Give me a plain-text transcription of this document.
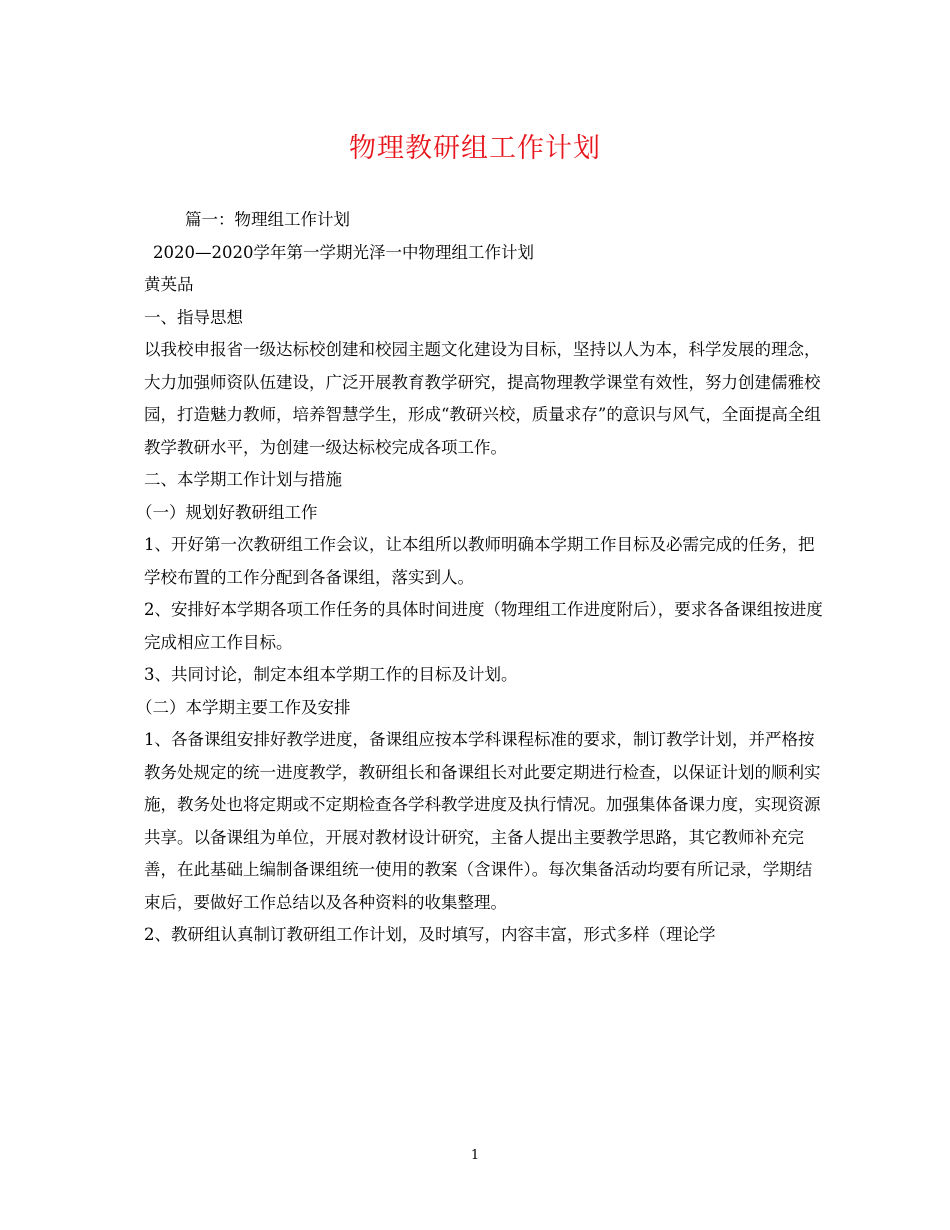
物理教研组工作计划

篇一：物理组工作计划

2020—2020学年第一学期光泽一中物理组工作计划

黄英品

一、指导思想

以我校申报省一级达标校创建和校园主题文化建设为目标，坚持以人为本，科学发展的理念，大力加强师资队伍建设，广泛开展教育教学研究，提高物理教学课堂有效性，努力创建儒雅校园，打造魅力教师，培养智慧学生，形成“教研兴校，质量求存”的意识与风气，全面提高全组教学教研水平，为创建一级达标校完成各项工作。

二、本学期工作计划与措施

（一）规划好教研组工作

1、开好第一次教研组工作会议，让本组所以教师明确本学期工作目标及必需完成的任务，把学校布置的工作分配到各备课组，落实到人。

2、安排好本学期各项工作任务的具体时间进度（物理组工作进度附后），要求各备课组按进度完成相应工作目标。

3、共同讨论，制定本组本学期工作的目标及计划。

（二）本学期主要工作及安排

1、各备课组安排好教学进度，备课组应按本学科课程标准的要求，制订教学计划，并严格按教务处规定的统一进度教学，教研组长和备课组长对此要定期进行检查，以保证计划的顺利实施，教务处也将定期或不定期检查各学科教学进度及执行情况。加强集体备课力度，实现资源共享。以备课组为单位，开展对教材设计研究，主备人提出主要教学思路，其它教师补充完善，在此基础上编制备课组统一使用的教案（含课件）。每次集备活动均要有所记录，学期结束后，要做好工作总结以及各种资料的收集整理。

2、教研组认真制订教研组工作计划，及时填写，内容丰富，形式多样（理论学

1
